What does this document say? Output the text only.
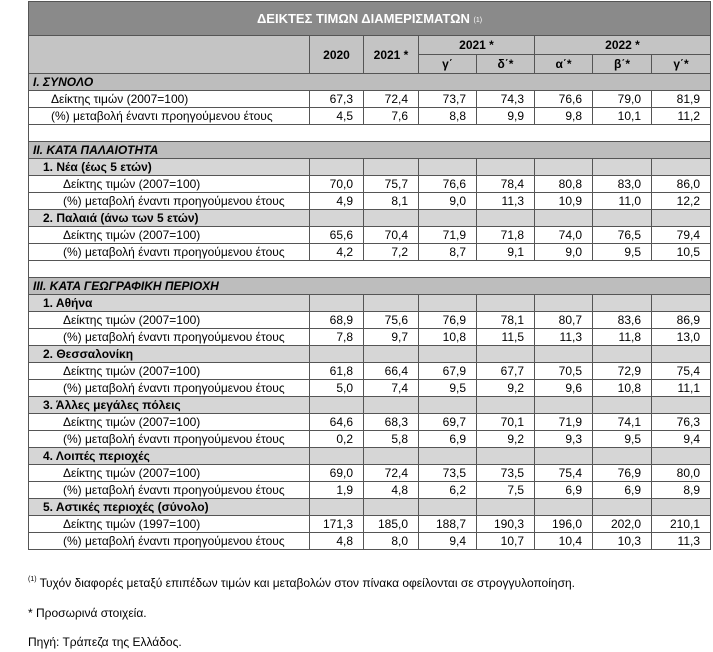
ΔΕΙΚΤΕΣ ΤΙΜΩΝ ΔΙΑΜΕΡΙΣΜΑΤΩΝ $^{(1)}$
	2020	2021 *	2021 *		2022 *		
			γ΄	δ΄*	α΄*	β΄*	γ΄*
I. ΣΥΝΟΛΟ							
Δείκτης τιμών (2007=100)	67,3	72,4	73,7	74,3	76,6	79,0	81,9
(%) μεταβολή έναντι προηγούμενου έτους	4,5	7,6	8,8	9,9	9,8	10,1	11,2

II. ΚΑΤΑ ΠΑΛΑΙΟΤΗΤΑ							
1. Νέα (έως 5 ετών)							
Δείκτης τιμών (2007=100)	70,0	75,7	76,6	78,4	80,8	83,0	86,0
(%) μεταβολή έναντι προηγούμενου έτους	4,9	8,1	9,0	11,3	10,9	11,0	12,2
2. Παλαιά (άνω των 5 ετών)							
Δείκτης τιμών (2007=100)	65,6	70,4	71,9	71,8	74,0	76,5	79,4
(%) μεταβολή έναντι προηγούμενου έτους	4,2	7,2	8,7	9,1	9,0	9,5	10,5

III. ΚΑΤΑ ΓΕΩΓΡΑΦΙΚΗ ΠΕΡΙΟΧΗ							
1. Αθήνα							
Δείκτης τιμών (2007=100)	68,9	75,6	76,9	78,1	80,7	83,6	86,9
(%) μεταβολή έναντι προηγούμενου έτους	7,8	9,7	10,8	11,5	11,3	11,8	13,0
2. Θεσσαλονίκη							
Δείκτης τιμών (2007=100)	61,8	66,4	67,9	67,7	70,5	72,9	75,4
(%) μεταβολή έναντι προηγούμενου έτους	5,0	7,4	9,5	9,2	9,6	10,8	11,1
3. Άλλες μεγάλες πόλεις							
Δείκτης τιμών (2007=100)	64,6	68,3	69,7	70,1	71,9	74,1	76,3
(%) μεταβολή έναντι προηγούμενου έτους	0,2	5,8	6,9	9,2	9,3	9,5	9,4
4. Λοιπές περιοχές							
Δείκτης τιμών (2007=100)	69,0	72,4	73,5	73,5	75,4	76,9	80,0
(%) μεταβολή έναντι προηγούμενου έτους	1,9	4,8	6,2	7,5	6,9	6,9	8,9
5. Αστικές περιοχές (σύνολο)							
Δείκτης τιμών (1997=100)	171,3	185,0	188,7	190,3	196,0	202,0	210,1
(%) μεταβολή έναντι προηγούμενου έτους	4,8	8,0	9,4	10,7	10,4	10,3	11,3
$^{(1)}$ Τυχόν διαφορές μεταξύ επιπέδων τιμών και μεταβολών στον πίνακα οφείλονται σε στρογγυλοποίηση.
* Προσωρινά στοιχεία.
Πηγή: Τράπεζα της Ελλάδος.
